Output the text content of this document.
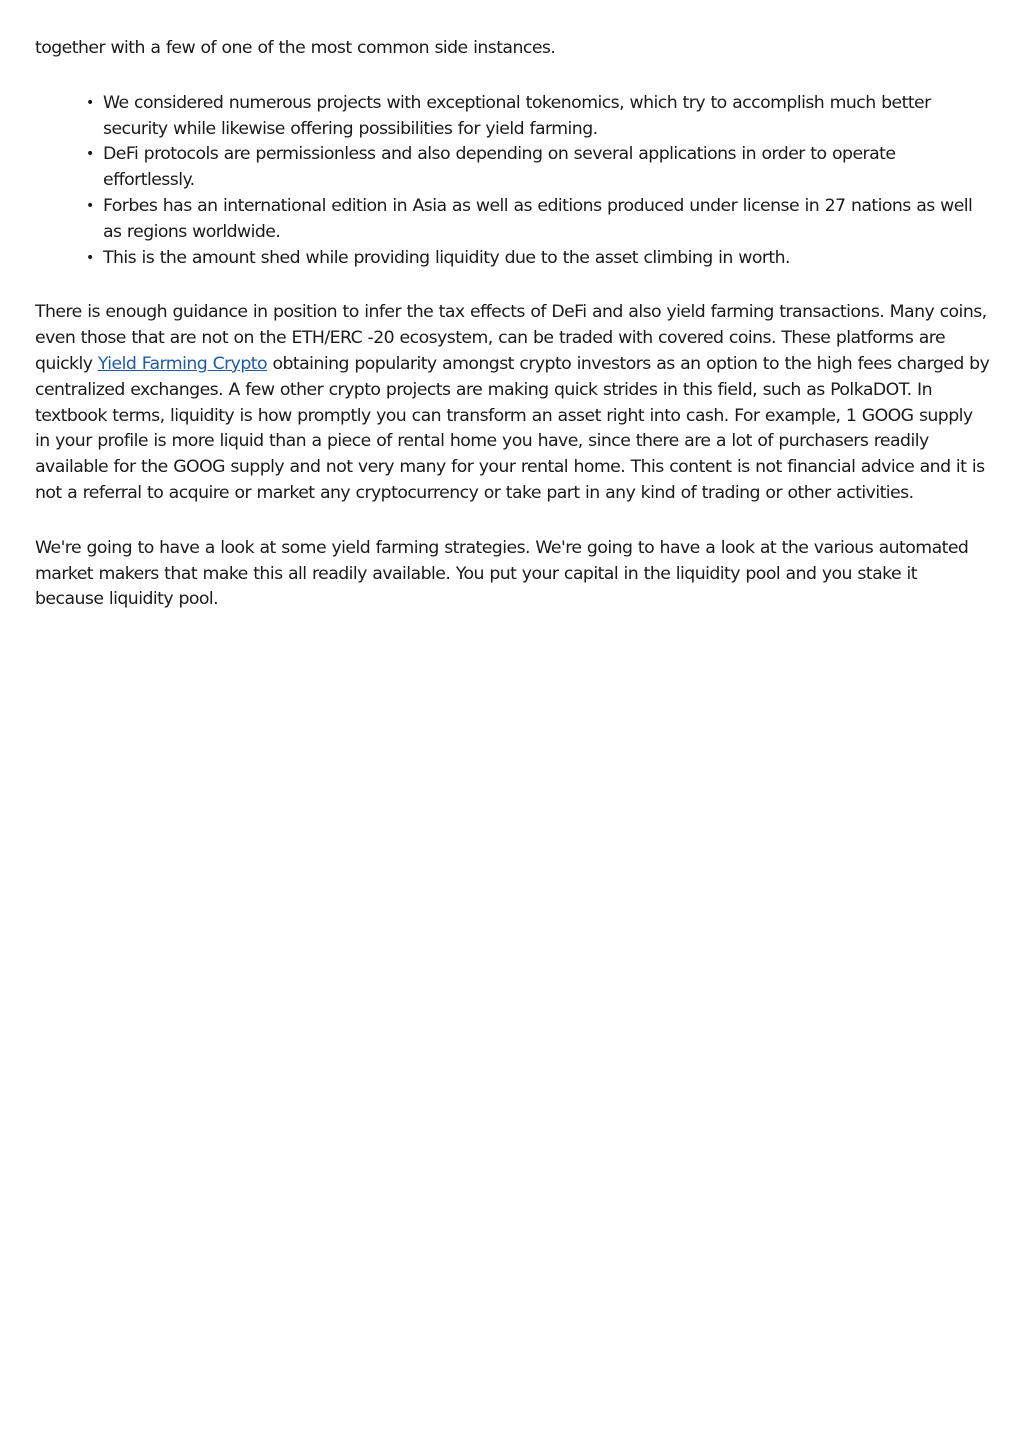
together with a few of one of the most common side instances.

• We considered numerous projects with exceptional tokenomics, which try to accomplish much better security while likewise offering possibilities for yield farming.
• DeFi protocols are permissionless and also depending on several applications in order to operate effortlessly.
• Forbes has an international edition in Asia as well as editions produced under license in 27 nations as well as regions worldwide.
• This is the amount shed while providing liquidity due to the asset climbing in worth.

There is enough guidance in position to infer the tax effects of DeFi and also yield farming transactions. Many coins, even those that are not on the ETH/ERC -20 ecosystem, can be traded with covered coins. These platforms are quickly Yield Farming Crypto obtaining popularity amongst crypto investors as an option to the high fees charged by centralized exchanges. A few other crypto projects are making quick strides in this field, such as PolkaDOT. In textbook terms, liquidity is how promptly you can transform an asset right into cash. For example, 1 GOOG supply in your profile is more liquid than a piece of rental home you have, since there are a lot of purchasers readily available for the GOOG supply and not very many for your rental home. This content is not financial advice and it is not a referral to acquire or market any cryptocurrency or take part in any kind of trading or other activities.

We're going to have a look at some yield farming strategies. We're going to have a look at the various automated market makers that make this all readily available. You put your capital in the liquidity pool and you stake it because liquidity pool.
